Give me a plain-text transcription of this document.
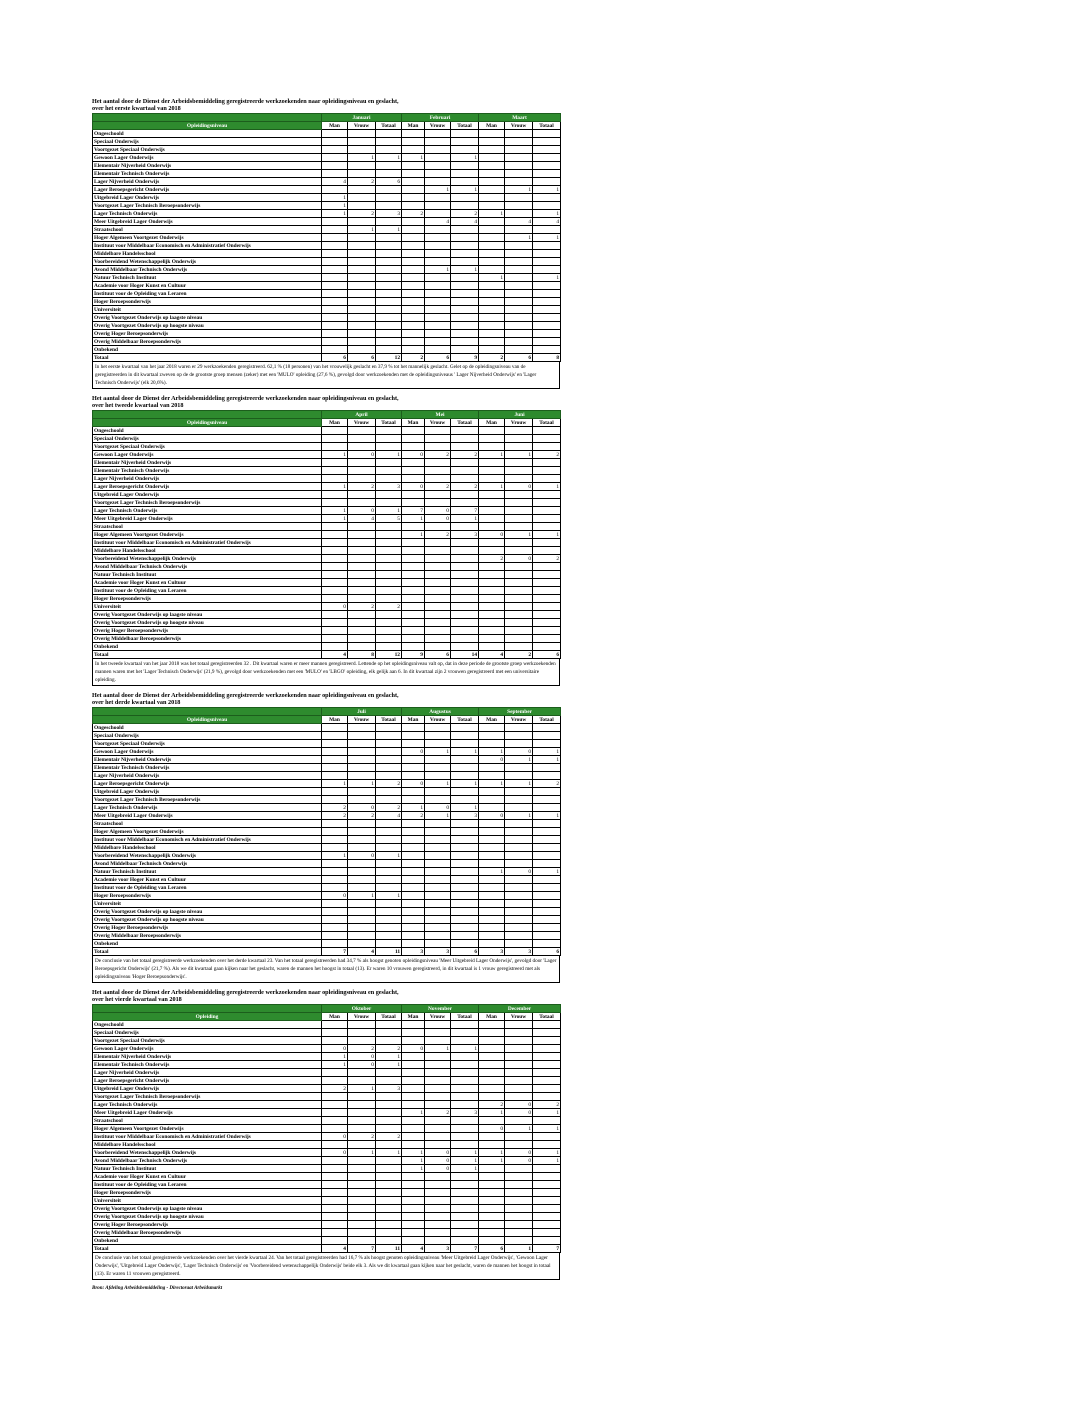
Het aantal door de Dienst der Arbeidsbemiddeling geregistreerde werkzoekenden naar opleidingsniveau en geslacht,
over het eerste kwartaal van 2018
	Januari			Februari			Maart		
Opleidingsniveau	Man	Vrouw	Totaal	Man	Vrouw	Totaal	Man	Vrouw	Totaal
Ongeschoold									
Speciaal Onderwijs									
Voortgezet Speciaal Onderwijs									
Gewoon Lager Onderwijs		1	1	1		1			
Elementair Nijverheid Onderwijs									
Elementair Technisch Onderwijs									
Lager Nijverheid Onderwijs	4	2	6						
Lager Beroepsgericht Onderwijs					1	1		1	1
Uitgebreid Lager Onderwijs	1								
Voortgezet Lager Technisch Beroepsonderwijs	1								
Lager Technisch Onderwijs	1	2	3	2		2	1		1
Meer Uitgebreid Lager Onderwijs					4	4		4	4
Straatschool		1	1						
Hoger Algemeen Voortgezet Onderwijs								1	1
Instituut voor Middelbaar Economisch en Administratief Onderwijs									
Middelbare Handelsschool									
Voorbereidend Wetenschappelijk Onderwijs									
Avond Middelbaar Technisch Onderwijs					1	1			
Natuur Technisch Instituut							1		1
Academie voor Hoger Kunst en Cultuur									
Instituut voor de Opleiding van Leraren									
Hoger Beroepsonderwijs									
Universiteit									
Overig Voortgezet Onderwijs op laagste niveau									
Overig Voortgezet Onderwijs op hoogste niveau									
Overig Hoger Beroepsonderwijs									
Overig Middelbaar Beroepsonderwijs									
Onbekend									
Totaal	6	6	12	2	6	9	2	6	8
In het eerste kwartaal van het jaar 2018 waren er 29 werkzoekenden geregistreerd. 62,1 % (18 personen) van het vrouwelijk geslacht en 37,9 % tot het mannelijk geslacht. Gelet op de opleidingsniveau van de geregistreerden in dit kwartaal zweven op de de grootste groep mensen (zeker) met een 'MULO' opleiding (27,6 %), gevolgd door werkzoekenden met de opleidingsniveaus ' Lager Nijverheid Onderwijs' en 'Lager Technisch Onderwijs' (elk 20,6%).
Het aantal door de Dienst der Arbeidsbemiddeling geregistreerde werkzoekenden naar opleidingsniveau en geslacht,
over het tweede kwartaal van 2018
	April			Mei			Juni		
Opleidingsniveau	Man	Vrouw	Totaal	Man	Vrouw	Totaal	Man	Vrouw	Totaal
Ongeschoold									
Speciaal Onderwijs									
Voortgezet Speciaal Onderwijs									
Gewoon Lager Onderwijs	1	0	1	0	2	2	1	1	2
Elementair Nijverheid Onderwijs									
Elementair Technisch Onderwijs									
Lager Nijverheid Onderwijs									
Lager Beroepsgericht Onderwijs	1	2	3	0	2	2	1	0	1
Uitgebreid Lager Onderwijs									
Voortgezet Lager Technisch Beroepsonderwijs									
Lager Technisch Onderwijs	1	0	1	7	0	7			
Meer Uitgebreid Lager Onderwijs	1	4	5	1	0	1			
Straatschool									
Hoger Algemeen Voortgezet Onderwijs				1	2	3	0	1	1
Instituut voor Middelbaar Economisch en Administratief Onderwijs									
Middelbare Handelsschool									
Voorbereidend Wetenschappelijk Onderwijs							2	0	2
Avond Middelbaar Technisch Onderwijs									
Natuur Technisch Instituut									
Academie voor Hoger Kunst en Cultuur									
Instituut voor de Opleiding van Leraren									
Hoger Beroepsonderwijs									
Universiteit	0	2	2						
Overig Voortgezet Onderwijs op laagste niveau									
Overig Voortgezet Onderwijs op hoogste niveau									
Overig Hoger Beroepsonderwijs									
Overig Middelbaar Beroepsonderwijs									
Onbekend									
Totaal	4	8	12	9	6	14	4	2	6
In het tweede kwartaal van het jaar 2018 was het totaal geregistreerden 32 . Dit kwartaal waren er meer mannen geregistreerd. Lettende op het opleidingsniveau valt op, dat in deze periode de grootste groep werkzoekenden mannen waren met het 'Lager Technisch Onderwijs' (21,9 %), gevolgd door werkzoekenden met een 'MULO' en 'LBGO' opleiding, elk gelijk aan 6. In dit kwartaal zijn 2 vrouwen geregistreerd met een universitaire opleiding.
Het aantal door de Dienst der Arbeidsbemiddeling geregistreerde werkzoekenden naar opleidingsniveau en geslacht,
over het derde kwartaal van 2018
	Juli			Augustus			September		
Opleidingsniveau	Man	Vrouw	Totaal	Man	Vrouw	Totaal	Man	Vrouw	Totaal
Ongeschoold									
Speciaal Onderwijs									
Voortgezet Speciaal Onderwijs									
Gewoon Lager Onderwijs				0	1	1	1	0	1
Elementair Nijverheid Onderwijs							0	1	1
Elementair Technisch Onderwijs									
Lager Nijverheid Onderwijs									
Lager Beroepsgericht Onderwijs	1	1	2	0	1	1	1	1	2
Uitgebreid Lager Onderwijs									
Voortgezet Lager Technisch Beroepsonderwijs									
Lager Technisch Onderwijs	2	0	2	1	0	1			
Meer Uitgebreid Lager Onderwijs	2	2	4	2	1	3	0	1	1
Straatschool									
Hoger Algemeen Voortgezet Onderwijs									
Instituut voor Middelbaar Economisch en Administratief Onderwijs									
Middelbare Handelsschool									
Voorbereidend Wetenschappelijk Onderwijs	1	0	1						
Avond Middelbaar Technisch Onderwijs									
Natuur Technisch Instituut							1	0	1
Academie voor Hoger Kunst en Cultuur									
Instituut voor de Opleiding van Leraren									
Hoger Beroepsonderwijs	0	1	1						
Universiteit									
Overig Voortgezet Onderwijs op laagste niveau									
Overig Voortgezet Onderwijs op hoogste niveau									
Overig Hoger Beroepsonderwijs									
Overig Middelbaar Beroepsonderwijs									
Onbekend									
Totaal	7	4	11	3	3	6	3	3	6
De conclusie van het totaal geregistreerde werkzoekenden over het derde kwartaal 23. Van het totaal geregistreerden had 34,7 % als hoogst genoten opleidingsniveau 'Meer Uitgebreid Lager Onderwijs', gevolgd door 'Lager Beroepsgericht Onderwijs' (21,7 %). Als we dit kwartaal gaan kijken naar het geslacht, waren de mannen het hoogst in totaal (13). Er waren 10 vrouwen geregistreerd, in dit kwartaal is 1 vrouw geregistreerd met als opleidingsniveau 'Hoger Beroepsonderwijs'.
Het aantal door de Dienst der Arbeidsbemiddeling geregistreerde werkzoekenden naar opleidingsniveau en geslacht,
over het vierde kwartaal van 2018
	Oktober			November			December		
Opleiding	Man	Vrouw	Totaal	Man	Vrouw	Totaal	Man	Vrouw	Totaal
Ongeschoold									
Speciaal Onderwijs									
Voortgezet Speciaal Onderwijs									
Gewoon Lager Onderwijs	0	2	2	0	1	1			
Elementair Nijverheid Onderwijs	1	0	1						
Elementair Technisch Onderwijs	1	0	1						
Lager Nijverheid Onderwijs									
Lager Beroepsgericht Onderwijs									
Uitgebreid Lager Onderwijs	2	1	3						
Voortgezet Lager Technisch Beroepsonderwijs									
Lager Technisch Onderwijs							2	0	2
Meer Uitgebreid Lager Onderwijs				1	2	3	1	0	1
Straatschool									
Hoger Algemeen Voortgezet Onderwijs							0	1	1
Instituut voor Middelbaar Economisch en Administratief Onderwijs	0	2	2						
Middelbare Handelsschool									
Voorbereidend Wetenschappelijk Onderwijs	0	1	1	1	0	1	1	0	1
Avond Middelbaar Technisch Onderwijs				1	0	1	1	0	1
Natuur Technisch Instituut				1	0	1			
Academie voor Hoger Kunst en Cultuur									
Instituut voor de Opleiding van Leraren									
Hoger Beroepsonderwijs									
Universiteit									
Overig Voortgezet Onderwijs op laagste niveau									
Overig Voortgezet Onderwijs op hoogste niveau									
Overig Hoger Beroepsonderwijs									
Overig Middelbaar Beroepsonderwijs									
Onbekend									
Totaal	4	7	11	4	3	7	6	1	7
De conclusie van het totaal geregistreerde werkzoekenden over het vierde kwartaal 24. Van het totaal geregistreerden had 16,7 % als hoogst genoten opleidingsniveau 'Meer Uitgebreid Lager Onderwijs', 'Gewoon Lager Onderwijs', 'Uitgebreid Lager Onderwijs', 'Lager Technisch Onderwijs' en 'Voorbereidend wetenschappelijk Onderwijs' beide elk 3. Als we dit kwartaal gaan kijken naar het geslacht, waren de mannen het hoogst in totaal (13). Er waren 11 vrouwen geregistreerd.
Bron: Afdeling Arbeidsbemiddeling - Directoraat Arbeidsmarkt
